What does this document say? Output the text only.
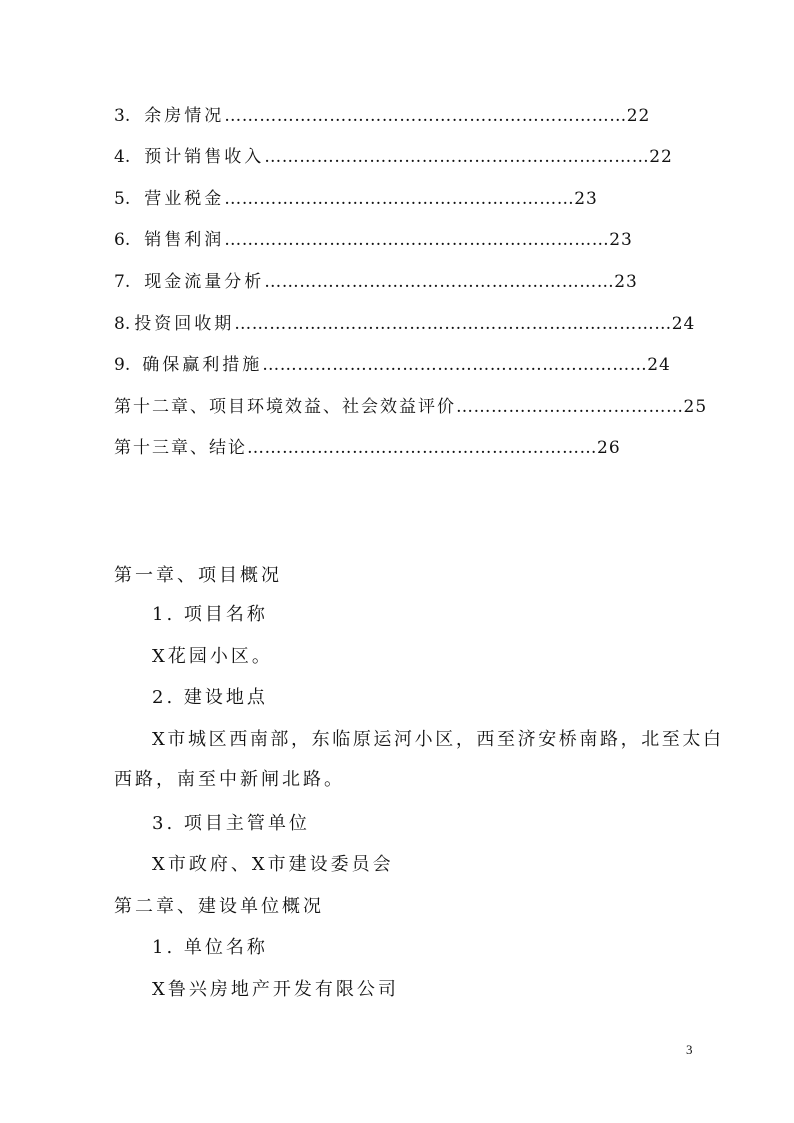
3. 余房情况……………………………………………………………22
4. 预计销售收入…………………………………………………………22
5. 营业税金……………………………………………………23
6. 销售利润…………………………………………………………23
7. 现金流量分析……………………………………………………23
8. 投资回收期…………………………………………………………………24
9. 确保赢利措施…………………………………………………………24
第十二章、项目环境效益、社会效益评价…………………………………25
第十三章、结论……………………………………………………26
第一章、项目概况
1. 项目名称
X花园小区。
2. 建设地点
X市城区西南部，东临原运河小区，西至济安桥南路，北至太白
西路，南至中新闸北路。
3. 项目主管单位
X市政府、X市建设委员会
第二章、建设单位概况
1. 单位名称
X鲁兴房地产开发有限公司
3
